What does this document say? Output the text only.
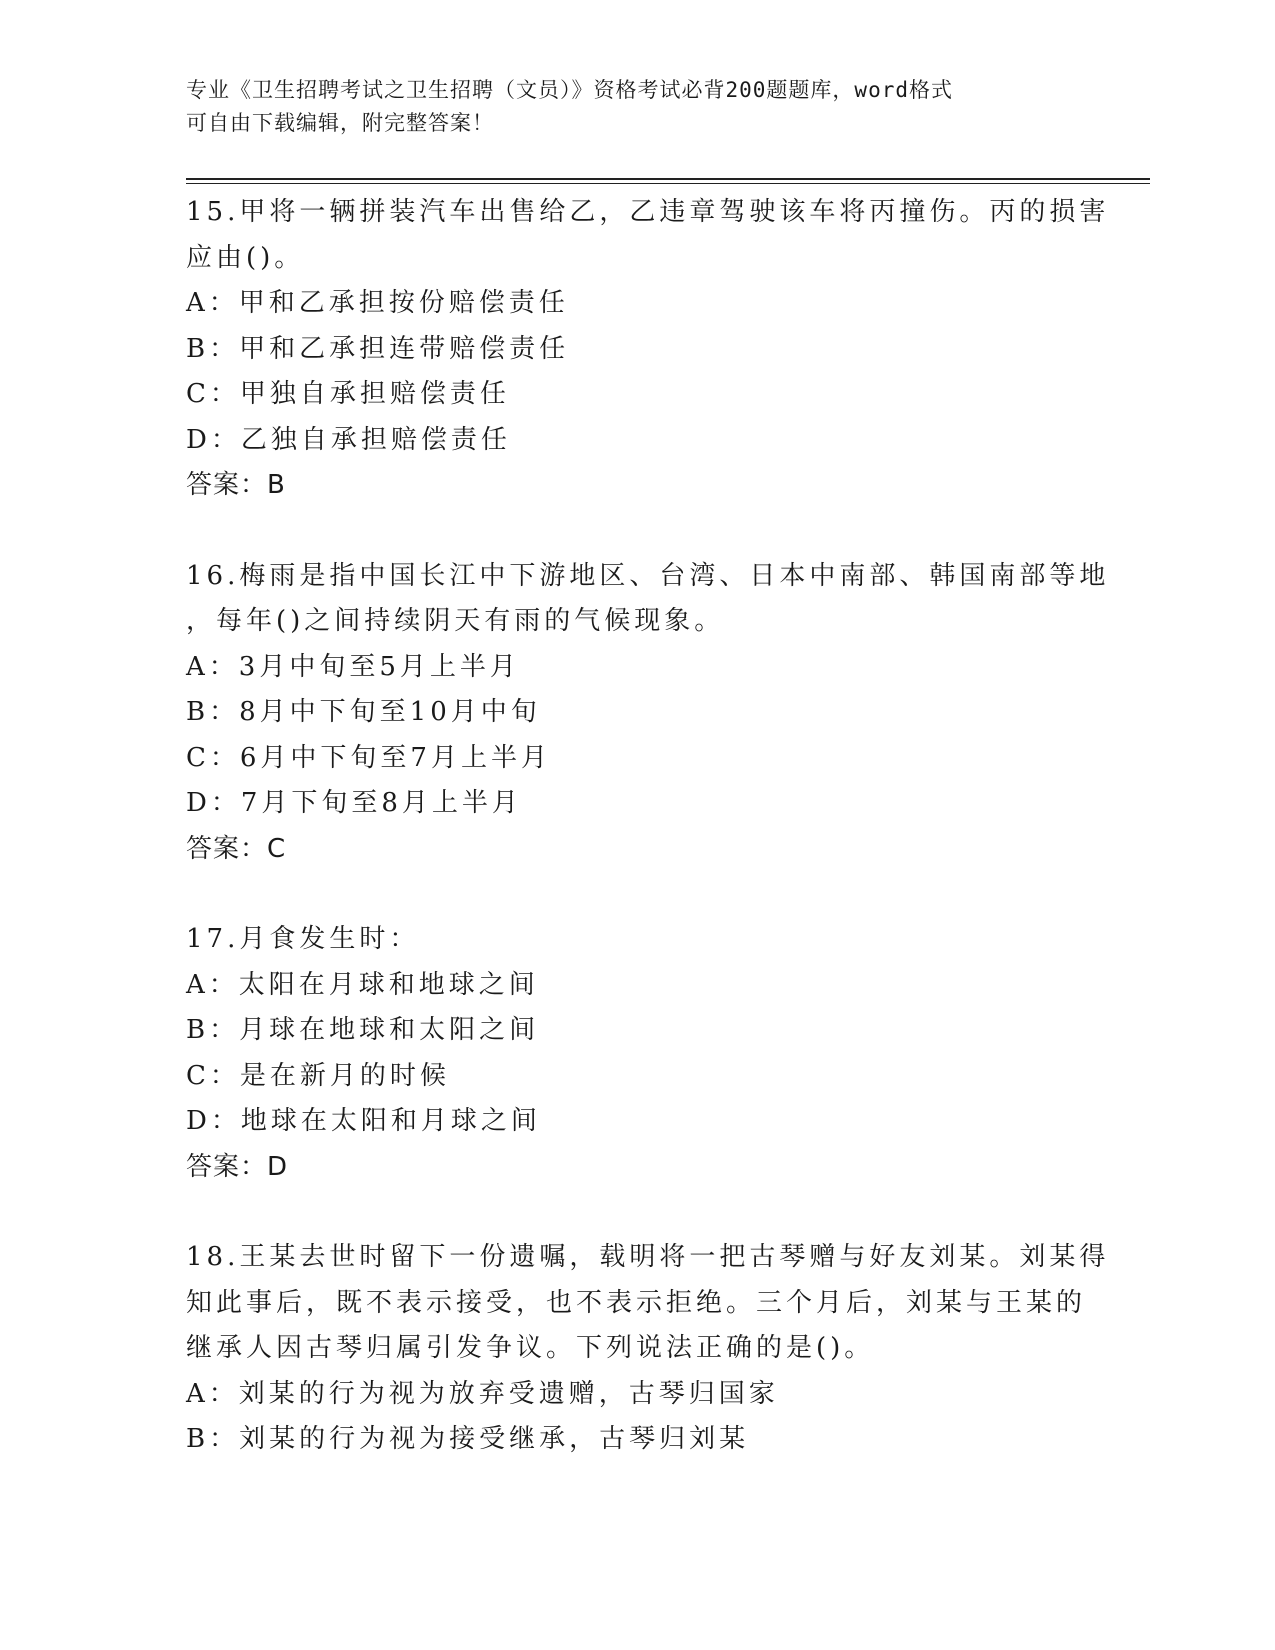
专业《卫生招聘考试之卫生招聘（文员）》资格考试必背200题题库，word格式
可自由下载编辑，附完整答案！
15.甲将一辆拼装汽车出售给乙，乙违章驾驶该车将丙撞伤。丙的损害
应由()。
A：甲和乙承担按份赔偿责任
B：甲和乙承担连带赔偿责任
C：甲独自承担赔偿责任
D：乙独自承担赔偿责任
答案：B
16.梅雨是指中国长江中下游地区、台湾、日本中南部、韩国南部等地
，每年()之间持续阴天有雨的气候现象。
A：3月中旬至5月上半月
B：8月中下旬至10月中旬
C：6月中下旬至7月上半月
D：7月下旬至8月上半月
答案：C
17.月食发生时：
A：太阳在月球和地球之间
B：月球在地球和太阳之间
C：是在新月的时候
D：地球在太阳和月球之间
答案：D
18.王某去世时留下一份遗嘱，载明将一把古琴赠与好友刘某。刘某得
知此事后，既不表示接受，也不表示拒绝。三个月后，刘某与王某的
继承人因古琴归属引发争议。下列说法正确的是()。
A：刘某的行为视为放弃受遗赠，古琴归国家
B：刘某的行为视为接受继承，古琴归刘某
